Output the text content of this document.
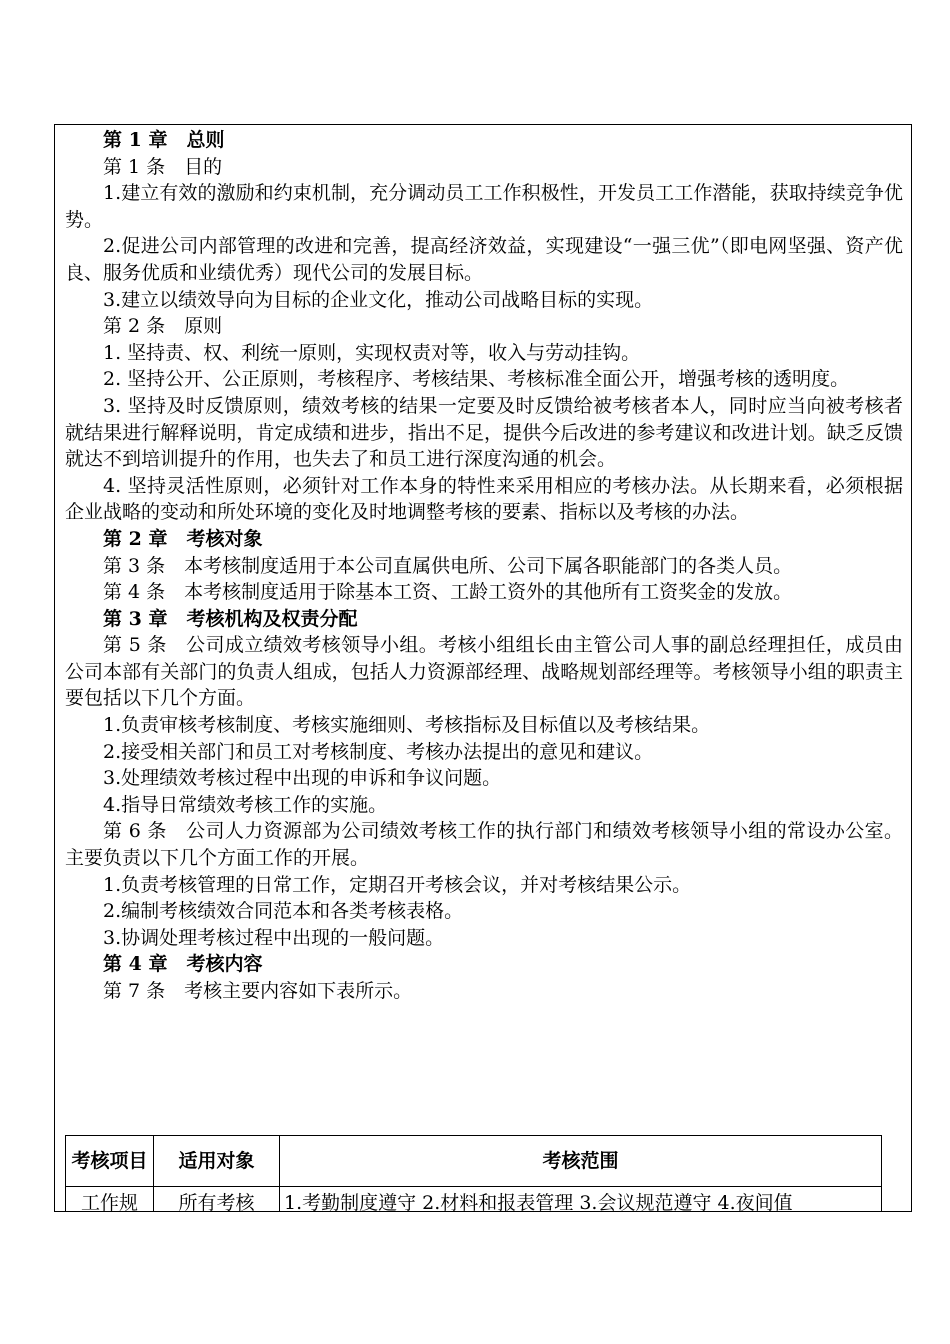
第 1 章 总则

第 1 条 目的

1.建立有效的激励和约束机制，充分调动员工工作积极性，开发员工工作潜能，获取持续竞争优势。

2.促进公司内部管理的改进和完善，提高经济效益，实现建设“一强三优”（即电网坚强、资产优良、服务优质和业绩优秀）现代公司的发展目标。

3.建立以绩效导向为目标的企业文化，推动公司战略目标的实现。

第 2 条 原则

1. 坚持责、权、利统一原则，实现权责对等，收入与劳动挂钩。

2. 坚持公开、公正原则，考核程序、考核结果、考核标准全面公开，增强考核的透明度。

3. 坚持及时反馈原则，绩效考核的结果一定要及时反馈给被考核者本人，同时应当向被考核者就结果进行解释说明，肯定成绩和进步，指出不足，提供今后改进的参考建议和改进计划。缺乏反馈就达不到培训提升的作用，也失去了和员工进行深度沟通的机会。

4. 坚持灵活性原则，必须针对工作本身的特性来采用相应的考核办法。从长期来看，必须根据企业战略的变动和所处环境的变化及时地调整考核的要素、指标以及考核的办法。

第 2 章 考核对象

第 3 条 本考核制度适用于本公司直属供电所、公司下属各职能部门的各类人员。

第 4 条 本考核制度适用于除基本工资、工龄工资外的其他所有工资奖金的发放。

第 3 章 考核机构及权责分配

第 5 条 公司成立绩效考核领导小组。考核小组组长由主管公司人事的副总经理担任，成员由公司本部有关部门的负责人组成，包括人力资源部经理、战略规划部经理等。考核领导小组的职责主要包括以下几个方面。

1.负责审核考核制度、考核实施细则、考核指标及目标值以及考核结果。

2.接受相关部门和员工对考核制度、考核办法提出的意见和建议。

3.处理绩效考核过程中出现的申诉和争议问题。

4.指导日常绩效考核工作的实施。

第 6 条 公司人力资源部为公司绩效考核工作的执行部门和绩效考核领导小组的常设办公室。主要负责以下几个方面工作的开展。

1.负责考核管理的日常工作，定期召开考核会议，并对考核结果公示。

2.编制考核绩效合同范本和各类考核表格。

3.协调处理考核过程中出现的一般问题。

第 4 章 考核内容

第 7 条 考核主要内容如下表所示。

考核项目	适用对象	考核范围
工作规	所有考核	1.考勤制度遵守 2.材料和报表管理 3.会议规范遵守 4.夜间值
